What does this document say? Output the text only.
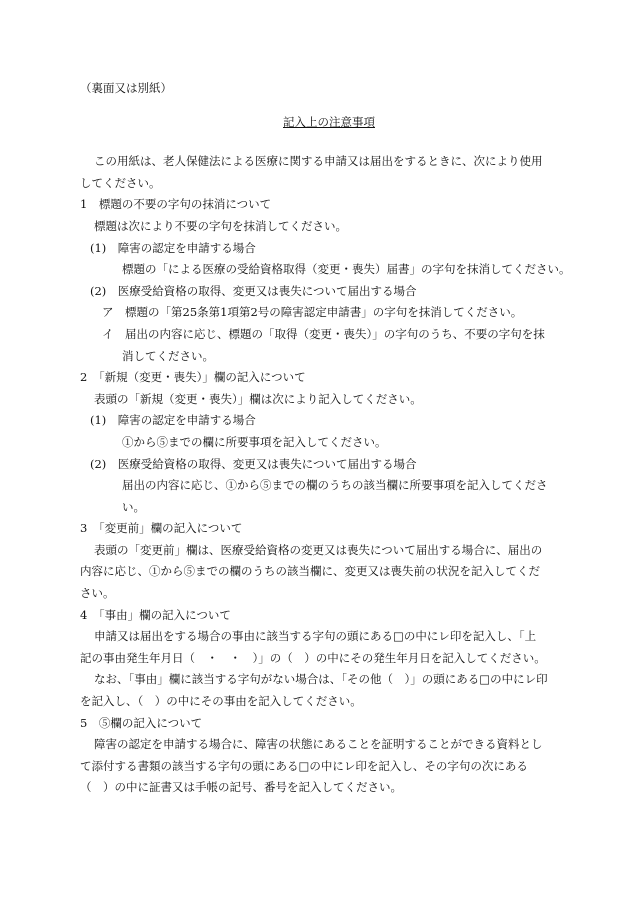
（裏面又は別紙）
記入上の注意事項
この用紙は、老人保健法による医療に関する申請又は届出をするときに、次により使用
してください。
1　標題の不要の字句の抹消について
標題は次により不要の字句を抹消してください。
(1)　障害の認定を申請する場合
標題の「による医療の受給資格取得（変更・喪失）届書」の字句を抹消してください。
(2)　医療受給資格の取得、変更又は喪失について届出する場合
ア　標題の「第25条第1項第2号の障害認定申請書」の字句を抹消してください。
イ　届出の内容に応じ、標題の「取得（変更・喪失）」の字句のうち、不要の字句を抹
消してください。
2　「新規（変更・喪失）」欄の記入について
表頭の「新規（変更・喪失）」欄は次により記入してください。
(1)　障害の認定を申請する場合
①から⑤までの欄に所要事項を記入してください。
(2)　医療受給資格の取得、変更又は喪失について届出する場合
届出の内容に応じ、①から⑤までの欄のうちの該当欄に所要事項を記入してくださ
い。
3　「変更前」欄の記入について
表頭の「変更前」欄は、医療受給資格の変更又は喪失について届出する場合に、届出の
内容に応じ、①から⑤までの欄のうちの該当欄に、変更又は喪失前の状況を記入してくだ
さい。
4　「事由」欄の記入について
申請又は届出をする場合の事由に該当する字句の頭にある□の中にレ印を記入し、「上
記の事由発生年月日（　・　・　）」の（　）の中にその発生年月日を記入してください。
なお、「事由」欄に該当する字句がない場合は、「その他（　）」の頭にある□の中にレ印
を記入し、（　）の中にその事由を記入してください。
5　⑤欄の記入について
障害の認定を申請する場合に、障害の状態にあることを証明することができる資料とし
て添付する書類の該当する字句の頭にある□の中にレ印を記入し、その字句の次にある
（　）の中に証書又は手帳の記号、番号を記入してください。
